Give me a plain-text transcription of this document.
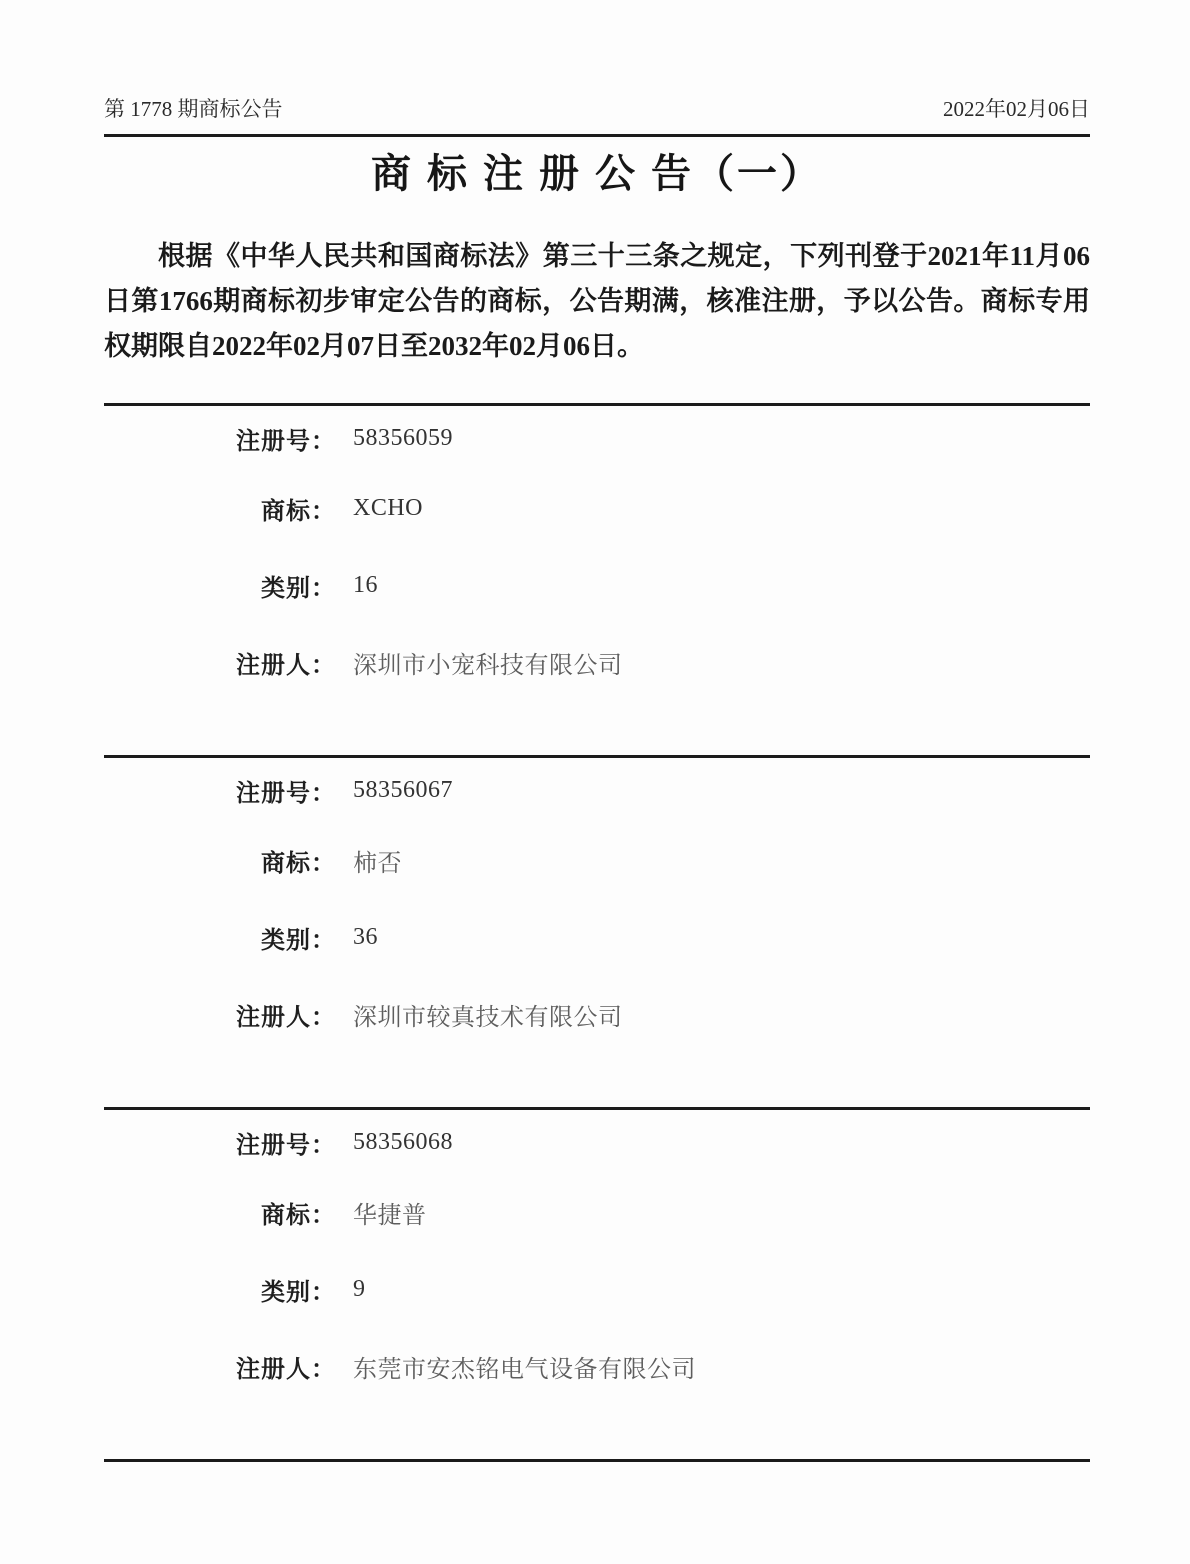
第 1778 期商标公告	2022年02月06日
商 标 注 册 公 告（一）

根据《中华人民共和国商标法》第三十三条之规定，下列刊登于2021年11月06日第1766期商标初步审定公告的商标，公告期满，核准注册，予以公告。商标专用权期限自2022年02月07日至2032年02月06日。

注册号： 58356059
商标： XCHO
类别： 16
注册人： 深圳市小宠科技有限公司
注册号： 58356067
商标： 柿否
类别： 36
注册人： 深圳市较真技术有限公司
注册号： 58356068
商标： 华捷普
类别： 9
注册人： 东莞市安杰铭电气设备有限公司
